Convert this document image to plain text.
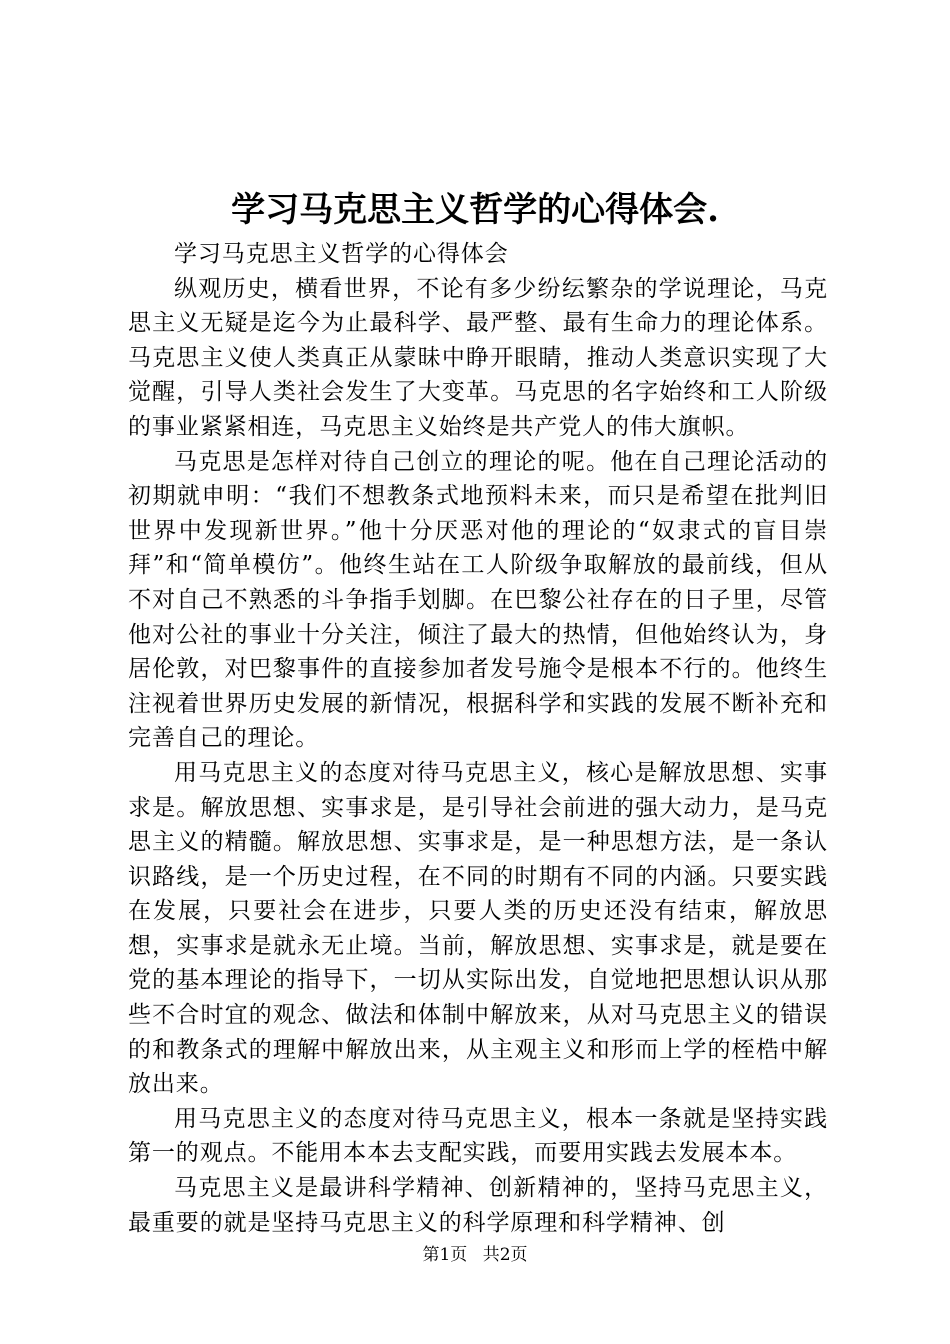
学习马克思主义哲学的心得体会.

学习马克思主义哲学的心得体会

纵观历史，横看世界，不论有多少纷纭繁杂的学说理论，马克思主义无疑是迄今为止最科学、最严整、最有生命力的理论体系。马克思主义使人类真正从蒙昧中睁开眼睛，推动人类意识实现了大觉醒，引导人类社会发生了大变革。马克思的名字始终和工人阶级的事业紧紧相连，马克思主义始终是共产党人的伟大旗帜。

马克思是怎样对待自己创立的理论的呢。他在自己理论活动的初期就申明：“我们不想教条式地预料未来，而只是希望在批判旧世界中发现新世界。”他十分厌恶对他的理论的“奴隶式的盲目崇拜”和“简单模仿”。他终生站在工人阶级争取解放的最前线，但从不对自己不熟悉的斗争指手划脚。在巴黎公社存在的日子里，尽管他对公社的事业十分关注，倾注了最大的热情，但他始终认为，身居伦敦，对巴黎事件的直接参加者发号施令是根本不行的。他终生注视着世界历史发展的新情况，根据科学和实践的发展不断补充和完善自己的理论。

用马克思主义的态度对待马克思主义，核心是解放思想、实事求是。解放思想、实事求是，是引导社会前进的强大动力，是马克思主义的精髓。解放思想、实事求是，是一种思想方法，是一条认识路线，是一个历史过程，在不同的时期有不同的内涵。只要实践在发展，只要社会在进步，只要人类的历史还没有结束，解放思想，实事求是就永无止境。当前，解放思想、实事求是，就是要在党的基本理论的指导下，一切从实际出发，自觉地把思想认识从那些不合时宜的观念、做法和体制中解放来，从对马克思主义的错误的和教条式的理解中解放出来，从主观主义和形而上学的桎梏中解放出来。

用马克思主义的态度对待马克思主义，根本一条就是坚持实践第一的观点。不能用本本去支配实践，而要用实践去发展本本。

马克思主义是最讲科学精神、创新精神的，坚持马克思主义，最重要的就是坚持马克思主义的科学原理和科学精神、创

第1页 共2页
